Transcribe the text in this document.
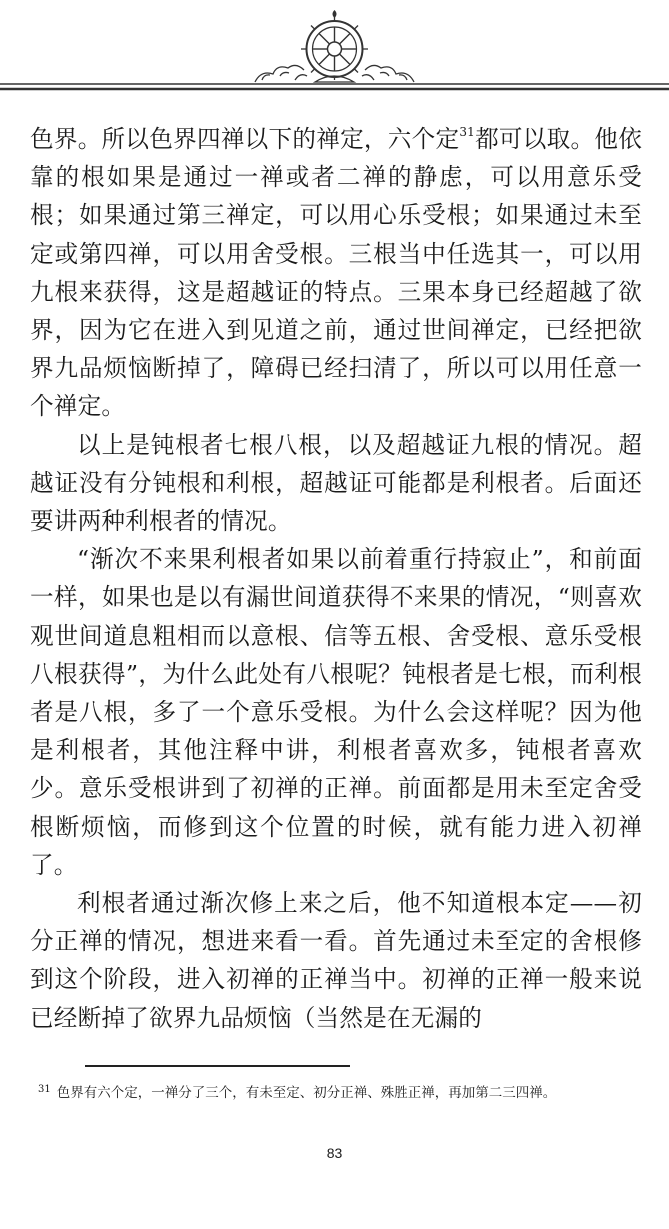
色界。所以色界四禅以下的禅定，六个定$^{31}$都可以取。他依靠的根如果是通过一禅或者二禅的静虑，可以用意乐受根；如果通过第三禅定，可以用心乐受根；如果通过未至定或第四禅，可以用舍受根。三根当中任选其一，可以用九根来获得，这是超越证的特点。三果本身已经超越了欲界，因为它在进入到见道之前，通过世间禅定，已经把欲界九品烦恼断掉了，障碍已经扫清了，所以可以用任意一个禅定。

以上是钝根者七根八根，以及超越证九根的情况。超越证没有分钝根和利根，超越证可能都是利根者。后面还要讲两种利根者的情况。

“渐次不来果利根者如果以前着重行持寂止”，和前面一样，如果也是以有漏世间道获得不来果的情况，“则喜欢观世间道息粗相而以意根、信等五根、舍受根、意乐受根八根获得”，为什么此处有八根呢？钝根者是七根，而利根者是八根，多了一个意乐受根。为什么会这样呢？因为他是利根者，其他注释中讲，利根者喜欢多，钝根者喜欢少。意乐受根讲到了初禅的正禅。前面都是用未至定舍受根断烦恼，而修到这个位置的时候，就有能力进入初禅了。

利根者通过渐次修上来之后，他不知道根本定——初分正禅的情况，想进来看一看。首先通过未至定的舍根修到这个阶段，进入初禅的正禅当中。初禅的正禅一般来说已经断掉了欲界九品烦恼（当然是在无漏的

$^{31}$ 色界有六个定，一禅分了三个，有未至定、初分正禅、殊胜正禅，再加第二三四禅。

83
